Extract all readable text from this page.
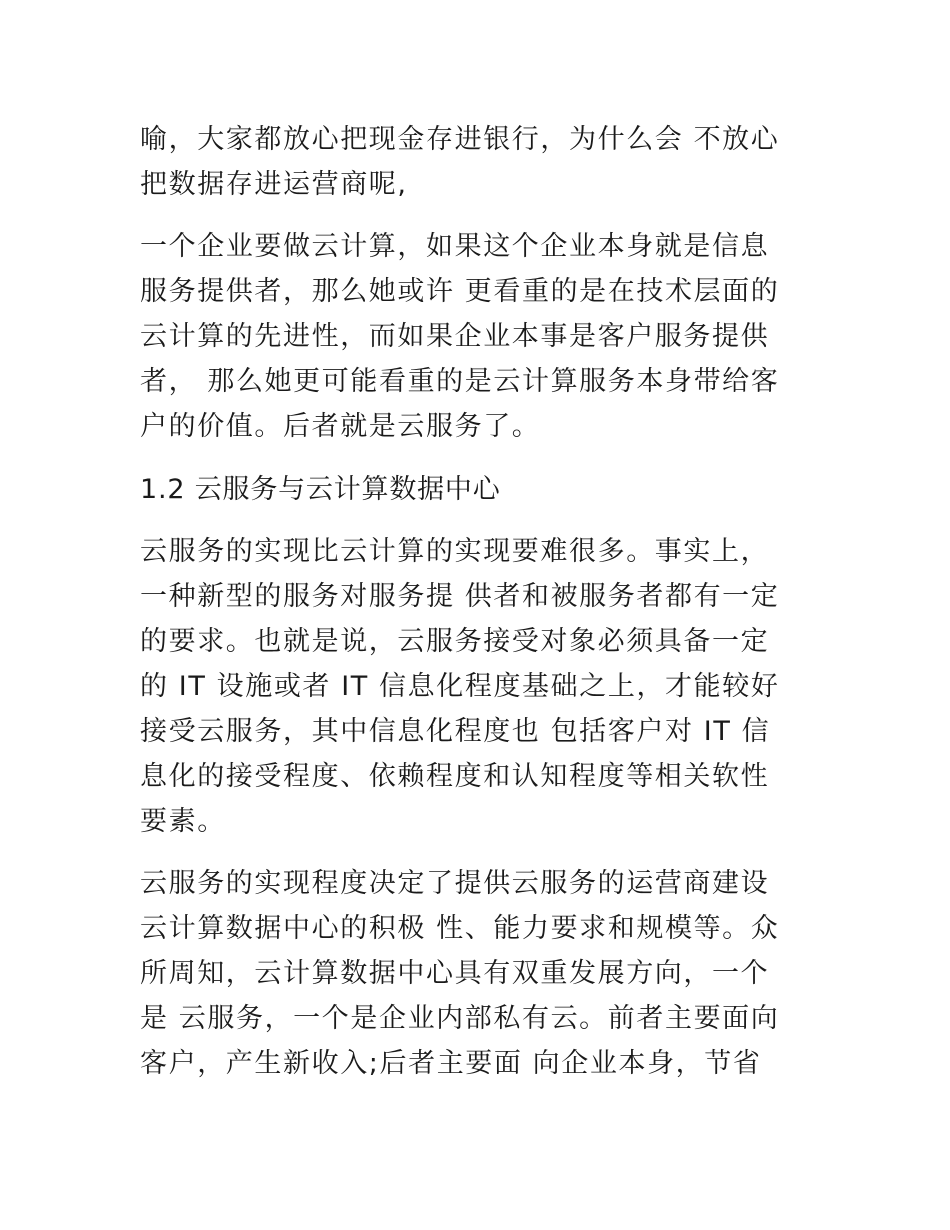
喻，大家都放心把现金存进银行，为什么会 不放心
把数据存进运营商呢,
一个企业要做云计算，如果这个企业本身就是信息
服务提供者，那么她或许 更看重的是在技术层面的
云计算的先进性，而如果企业本事是客户服务提供
者， 那么她更可能看重的是云计算服务本身带给客
户的价值。后者就是云服务了。
1.2 云服务与云计算数据中心
云服务的实现比云计算的实现要难很多。事实上，
一种新型的服务对服务提 供者和被服务者都有一定
的要求。也就是说，云服务接受对象必须具备一定
的 IT 设施或者 IT 信息化程度基础之上，才能较好
接受云服务，其中信息化程度也 包括客户对 IT 信
息化的接受程度、依赖程度和认知程度等相关软性
要素。
云服务的实现程度决定了提供云服务的运营商建设
云计算数据中心的积极 性、能力要求和规模等。众
所周知，云计算数据中心具有双重发展方向，一个
是 云服务，一个是企业内部私有云。前者主要面向
客户，产生新收入;后者主要面 向企业本身，节省
